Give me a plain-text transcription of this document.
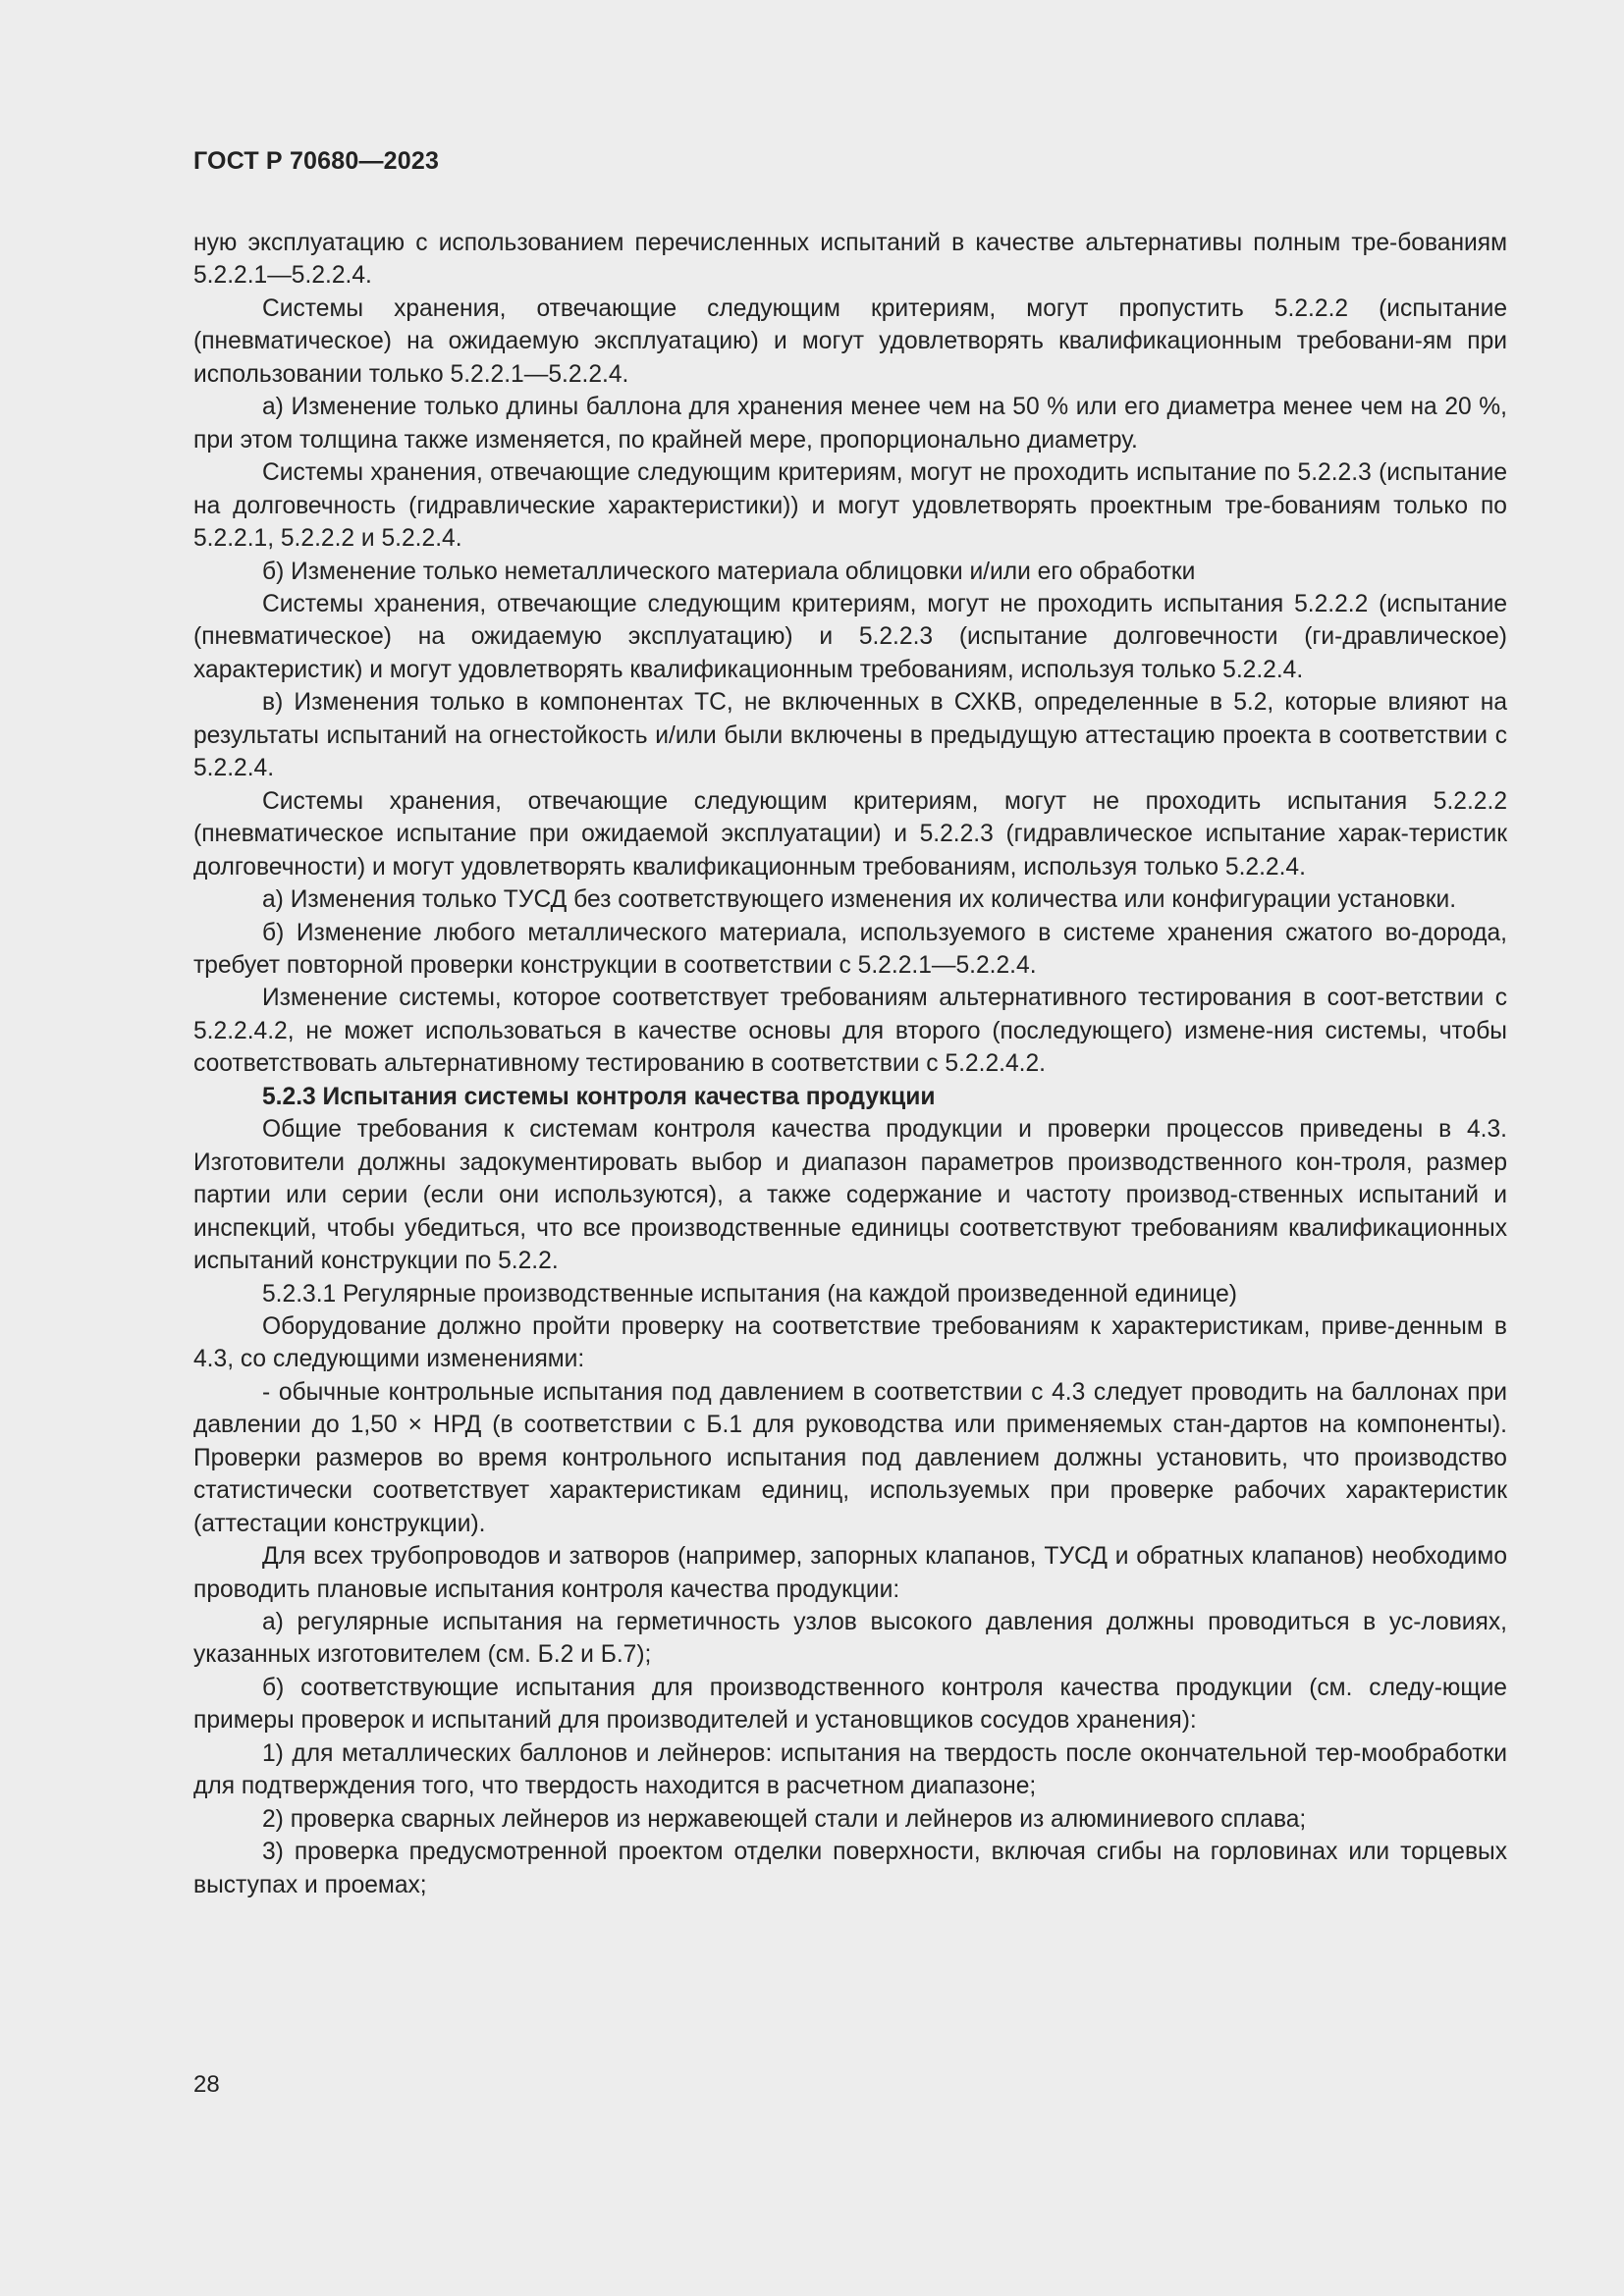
ГОСТ Р 70680—2023

ную эксплуатацию с использованием перечисленных испытаний в качестве альтернативы полным тре-бованиям 5.2.2.1—5.2.2.4.

Системы хранения, отвечающие следующим критериям, могут пропустить 5.2.2.2 (испытание (пневматическое) на ожидаемую эксплуатацию) и могут удовлетворять квалификационным требовани-ям при использовании только 5.2.2.1—5.2.2.4.

а) Изменение только длины баллона для хранения менее чем на 50 % или его диаметра менее чем на 20 %, при этом толщина также изменяется, по крайней мере, пропорционально диаметру.

Системы хранения, отвечающие следующим критериям, могут не проходить испытание по 5.2.2.3 (испытание на долговечность (гидравлические характеристики)) и могут удовлетворять проектным тре-бованиям только по 5.2.2.1, 5.2.2.2 и 5.2.2.4.

б) Изменение только неметаллического материала облицовки и/или его обработки

Системы хранения, отвечающие следующим критериям, могут не проходить испытания 5.2.2.2 (испытание (пневматическое) на ожидаемую эксплуатацию) и 5.2.2.3 (испытание долговечности (ги-дравлическое) характеристик) и могут удовлетворять квалификационным требованиям, используя только 5.2.2.4.

в) Изменения только в компонентах ТС, не включенных в СХКВ, определенные в 5.2, которые влияют на результаты испытаний на огнестойкость и/или были включены в предыдущую аттестацию проекта в соответствии с 5.2.2.4.

Системы хранения, отвечающие следующим критериям, могут не проходить испытания 5.2.2.2 (пневматическое испытание при ожидаемой эксплуатации) и 5.2.2.3 (гидравлическое испытание харак-теристик долговечности) и могут удовлетворять квалификационным требованиям, используя только 5.2.2.4.

а) Изменения только ТУСД без соответствующего изменения их количества или конфигурации установки.

б) Изменение любого металлического материала, используемого в системе хранения сжатого во-дорода, требует повторной проверки конструкции в соответствии с 5.2.2.1—5.2.2.4.

Изменение системы, которое соответствует требованиям альтернативного тестирования в соот-ветствии с 5.2.2.4.2, не может использоваться в качестве основы для второго (последующего) измене-ния системы, чтобы соответствовать альтернативному тестированию в соответствии с 5.2.2.4.2.

5.2.3 Испытания системы контроля качества продукции

Общие требования к системам контроля качества продукции и проверки процессов приведены в 4.3. Изготовители должны задокументировать выбор и диапазон параметров производственного кон-троля, размер партии или серии (если они используются), а также содержание и частоту производ-ственных испытаний и инспекций, чтобы убедиться, что все производственные единицы соответствуют требованиям квалификационных испытаний конструкции по 5.2.2.

5.2.3.1 Регулярные производственные испытания (на каждой произведенной единице)

Оборудование должно пройти проверку на соответствие требованиям к характеристикам, приве-денным в 4.3, со следующими изменениями:

- обычные контрольные испытания под давлением в соответствии с 4.3 следует проводить на баллонах при давлении до 1,50 × НРД (в соответствии с Б.1 для руководства или применяемых стан-дартов на компоненты). Проверки размеров во время контрольного испытания под давлением должны установить, что производство статистически соответствует характеристикам единиц, используемых при проверке рабочих характеристик (аттестации конструкции).

Для всех трубопроводов и затворов (например, запорных клапанов, ТУСД и обратных клапанов) необходимо проводить плановые испытания контроля качества продукции:

а) регулярные испытания на герметичность узлов высокого давления должны проводиться в ус-ловиях, указанных изготовителем (см. Б.2 и Б.7);

б) соответствующие испытания для производственного контроля качества продукции (см. следу-ющие примеры проверок и испытаний для производителей и установщиков сосудов хранения):

1) для металлических баллонов и лейнеров: испытания на твердость после окончательной тер-мообработки для подтверждения того, что твердость находится в расчетном диапазоне;

2) проверка сварных лейнеров из нержавеющей стали и лейнеров из алюминиевого сплава;

3) проверка предусмотренной проектом отделки поверхности, включая сгибы на горловинах или торцевых выступах и проемах;

28
